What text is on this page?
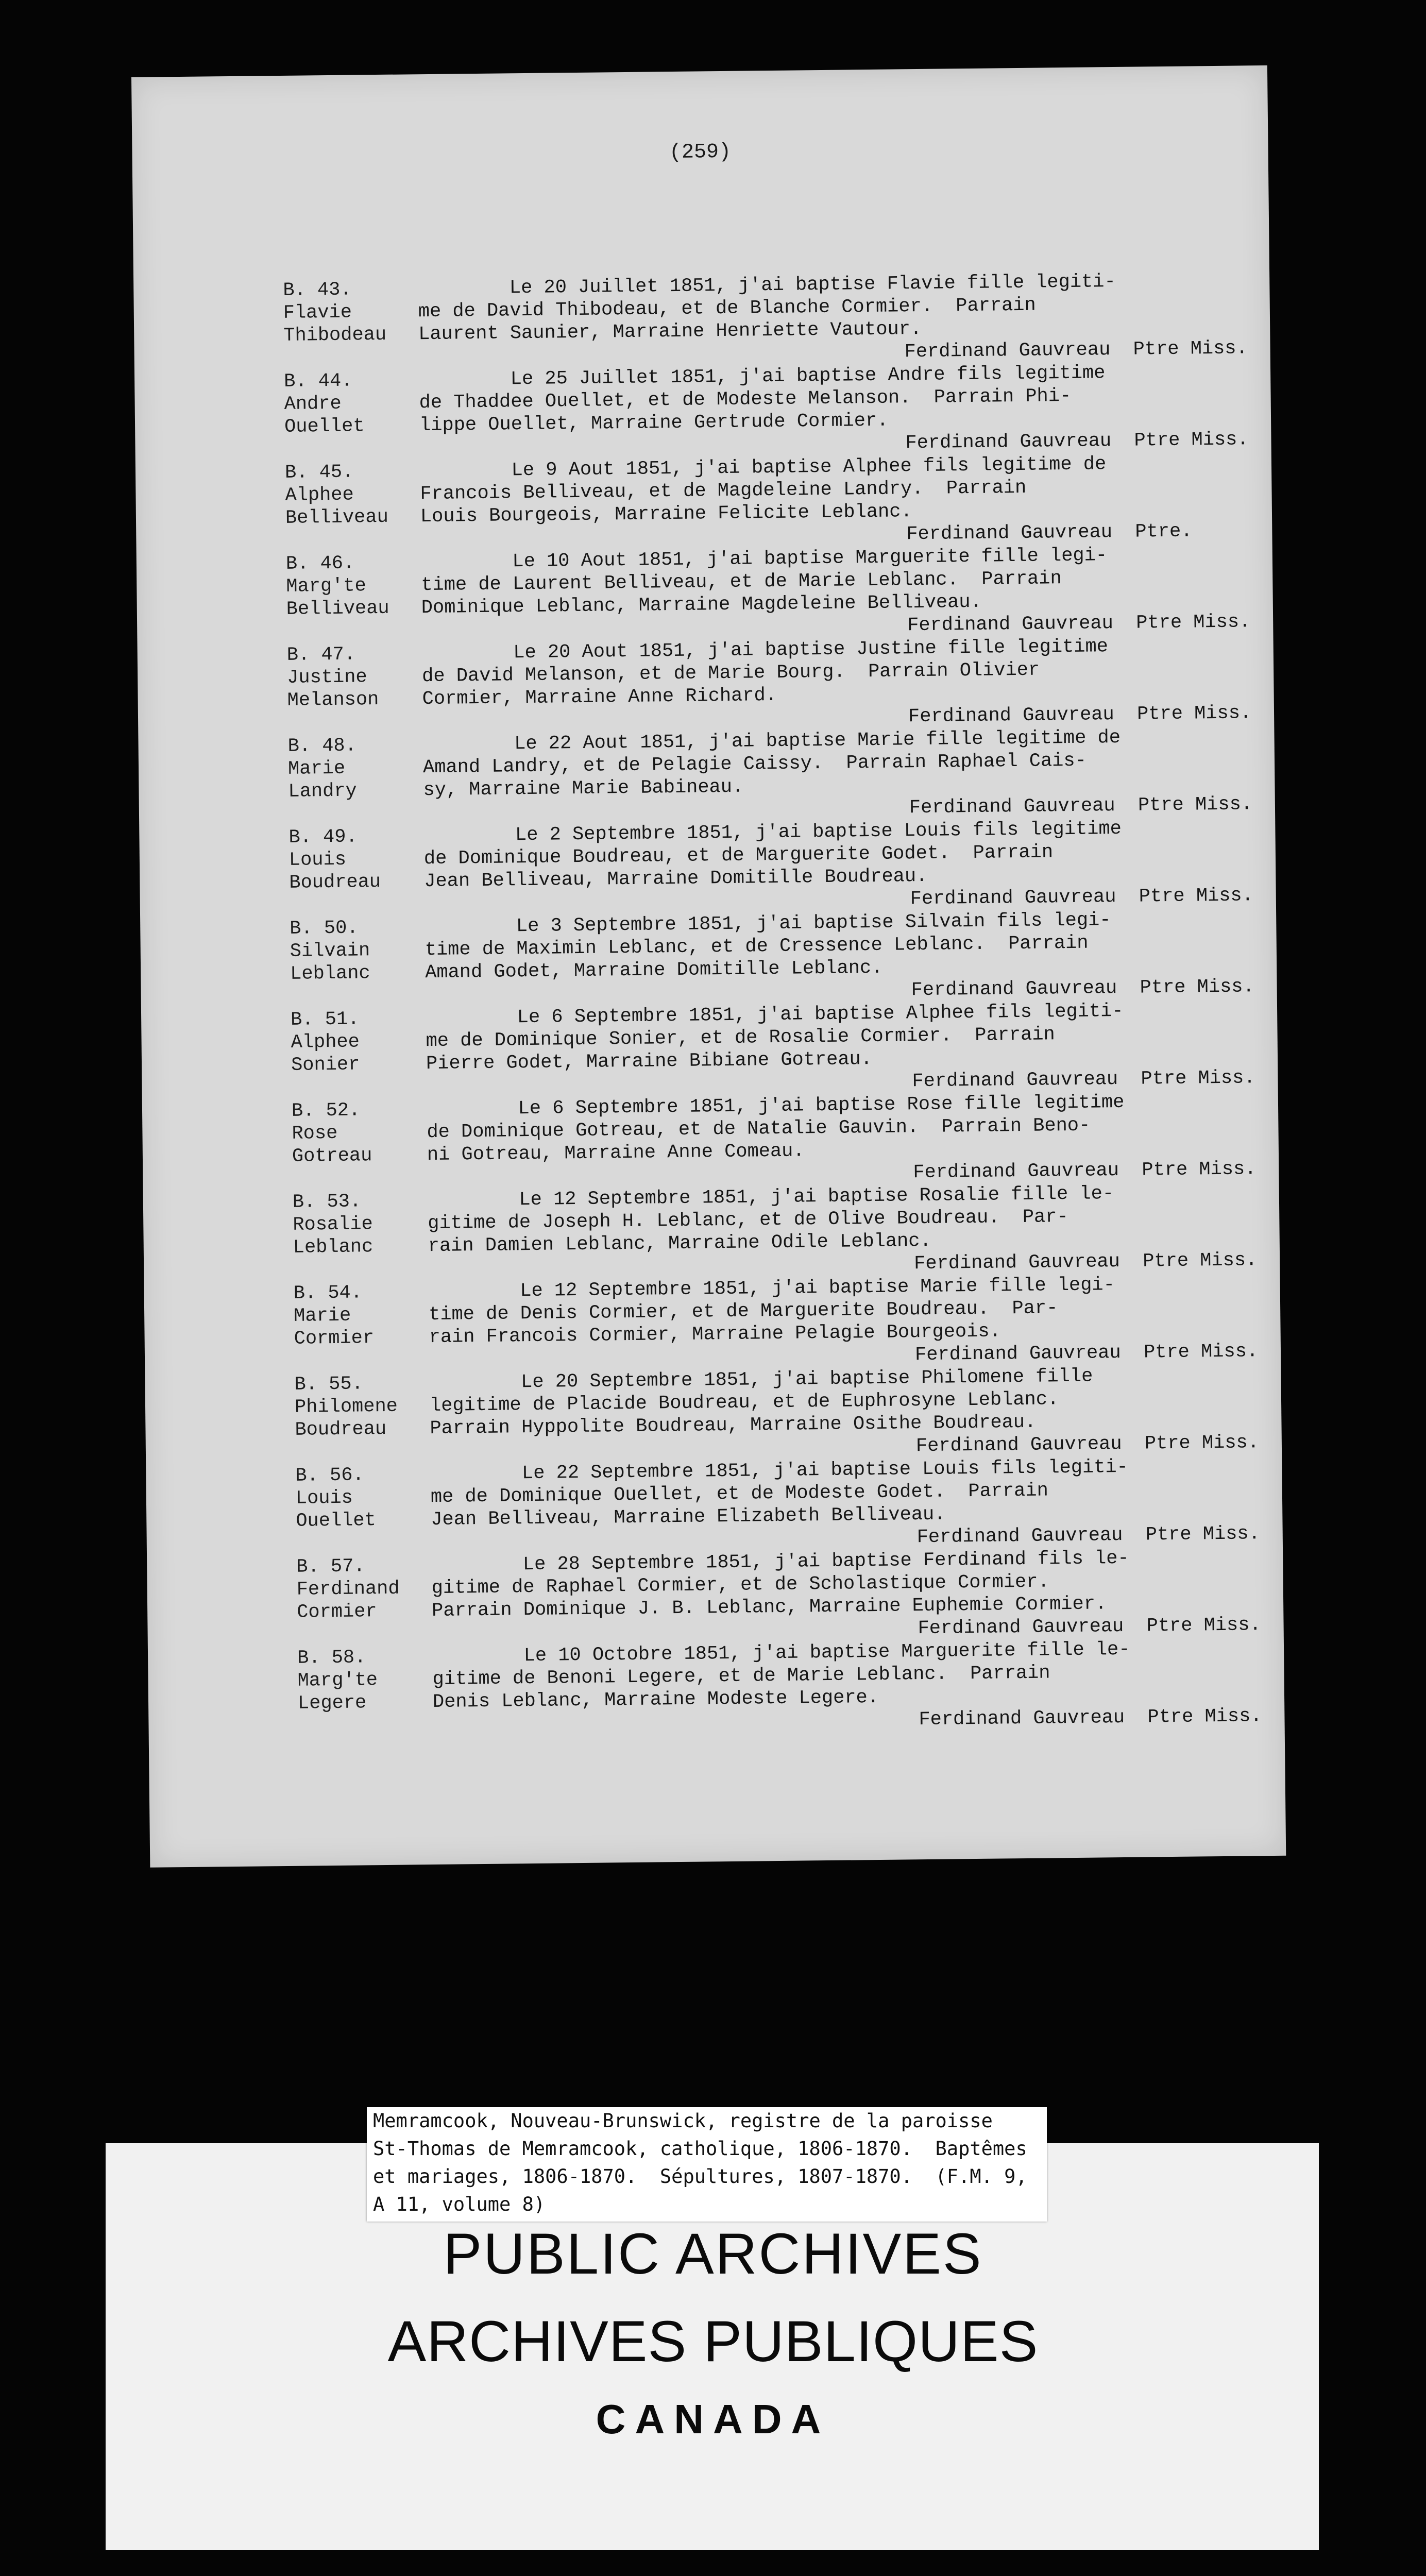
(259)
B. 43.
Flavie
Thibodeau

Le 20 Juillet 1851, j'ai baptise Flavie fille legiti-

me de David Thibodeau, et de Blanche Cormier.  Parrain

Laurent Saunier, Marraine Henriette Vautour.

Ferdinand Gauvreau  Ptre Miss.
B. 44.
Andre
Ouellet

Le 25 Juillet 1851, j'ai baptise Andre fils legitime

de Thaddee Ouellet, et de Modeste Melanson.  Parrain Phi-

lippe Ouellet, Marraine Gertrude Cormier.

Ferdinand Gauvreau  Ptre Miss.
B. 45.
Alphee
Belliveau

Le 9 Aout 1851, j'ai baptise Alphee fils legitime de

Francois Belliveau, et de Magdeleine Landry.  Parrain

Louis Bourgeois, Marraine Felicite Leblanc.

Ferdinand Gauvreau  Ptre.
B. 46.
Marg'te
Belliveau

Le 10 Aout 1851, j'ai baptise Marguerite fille legi-

time de Laurent Belliveau, et de Marie Leblanc.  Parrain

Dominique Leblanc, Marraine Magdeleine Belliveau.

Ferdinand Gauvreau  Ptre Miss.
B. 47.
Justine
Melanson

Le 20 Aout 1851, j'ai baptise Justine fille legitime

de David Melanson, et de Marie Bourg.  Parrain Olivier

Cormier, Marraine Anne Richard.

Ferdinand Gauvreau  Ptre Miss.
B. 48.
Marie
Landry

Le 22 Aout 1851, j'ai baptise Marie fille legitime de

Amand Landry, et de Pelagie Caissy.  Parrain Raphael Cais-

sy, Marraine Marie Babineau.

Ferdinand Gauvreau  Ptre Miss.
B. 49.
Louis
Boudreau

Le 2 Septembre 1851, j'ai baptise Louis fils legitime

de Dominique Boudreau, et de Marguerite Godet.  Parrain

Jean Belliveau, Marraine Domitille Boudreau.

Ferdinand Gauvreau  Ptre Miss.
B. 50.
Silvain
Leblanc

Le 3 Septembre 1851, j'ai baptise Silvain fils legi-

time de Maximin Leblanc, et de Cressence Leblanc.  Parrain

Amand Godet, Marraine Domitille Leblanc.

Ferdinand Gauvreau  Ptre Miss.
B. 51.
Alphee
Sonier

Le 6 Septembre 1851, j'ai baptise Alphee fils legiti-

me de Dominique Sonier, et de Rosalie Cormier.  Parrain

Pierre Godet, Marraine Bibiane Gotreau.

Ferdinand Gauvreau  Ptre Miss.
B. 52.
Rose
Gotreau

Le 6 Septembre 1851, j'ai baptise Rose fille legitime

de Dominique Gotreau, et de Natalie Gauvin.  Parrain Beno-

ni Gotreau, Marraine Anne Comeau.

Ferdinand Gauvreau  Ptre Miss.
B. 53.
Rosalie
Leblanc

Le 12 Septembre 1851, j'ai baptise Rosalie fille le-

gitime de Joseph H. Leblanc, et de Olive Boudreau.  Par-

rain Damien Leblanc, Marraine Odile Leblanc.

Ferdinand Gauvreau  Ptre Miss.
B. 54.
Marie
Cormier

Le 12 Septembre 1851, j'ai baptise Marie fille legi-

time de Denis Cormier, et de Marguerite Boudreau.  Par-

rain Francois Cormier, Marraine Pelagie Bourgeois.

Ferdinand Gauvreau  Ptre Miss.
B. 55.
Philomene
Boudreau

Le 20 Septembre 1851, j'ai baptise Philomene fille

legitime de Placide Boudreau, et de Euphrosyne Leblanc.

Parrain Hyppolite Boudreau, Marraine Osithe Boudreau.

Ferdinand Gauvreau  Ptre Miss.
B. 56.
Louis
Ouellet

Le 22 Septembre 1851, j'ai baptise Louis fils legiti-

me de Dominique Ouellet, et de Modeste Godet.  Parrain

Jean Belliveau, Marraine Elizabeth Belliveau.

Ferdinand Gauvreau  Ptre Miss.
B. 57.
Ferdinand
Cormier

Le 28 Septembre 1851, j'ai baptise Ferdinand fils le-

gitime de Raphael Cormier, et de Scholastique Cormier.

Parrain Dominique J. B. Leblanc, Marraine Euphemie Cormier.

Ferdinand Gauvreau  Ptre Miss.
B. 58.
Marg'te
Legere

Le 10 Octobre 1851, j'ai baptise Marguerite fille le-

gitime de Benoni Legere, et de Marie Leblanc.  Parrain

Denis Leblanc, Marraine Modeste Legere.

Ferdinand Gauvreau  Ptre Miss.

Memramcook, Nouveau-Brunswick, registre de la paroisse

St-Thomas de Memramcook, catholique, 1806-1870.  Baptêmes

et mariages, 1806-1870.  Sépultures, 1807-1870.  (F.M. 9,

A 11, volume 8)

PUBLIC ARCHIVES
ARCHIVES PUBLIQUES
CANADA
